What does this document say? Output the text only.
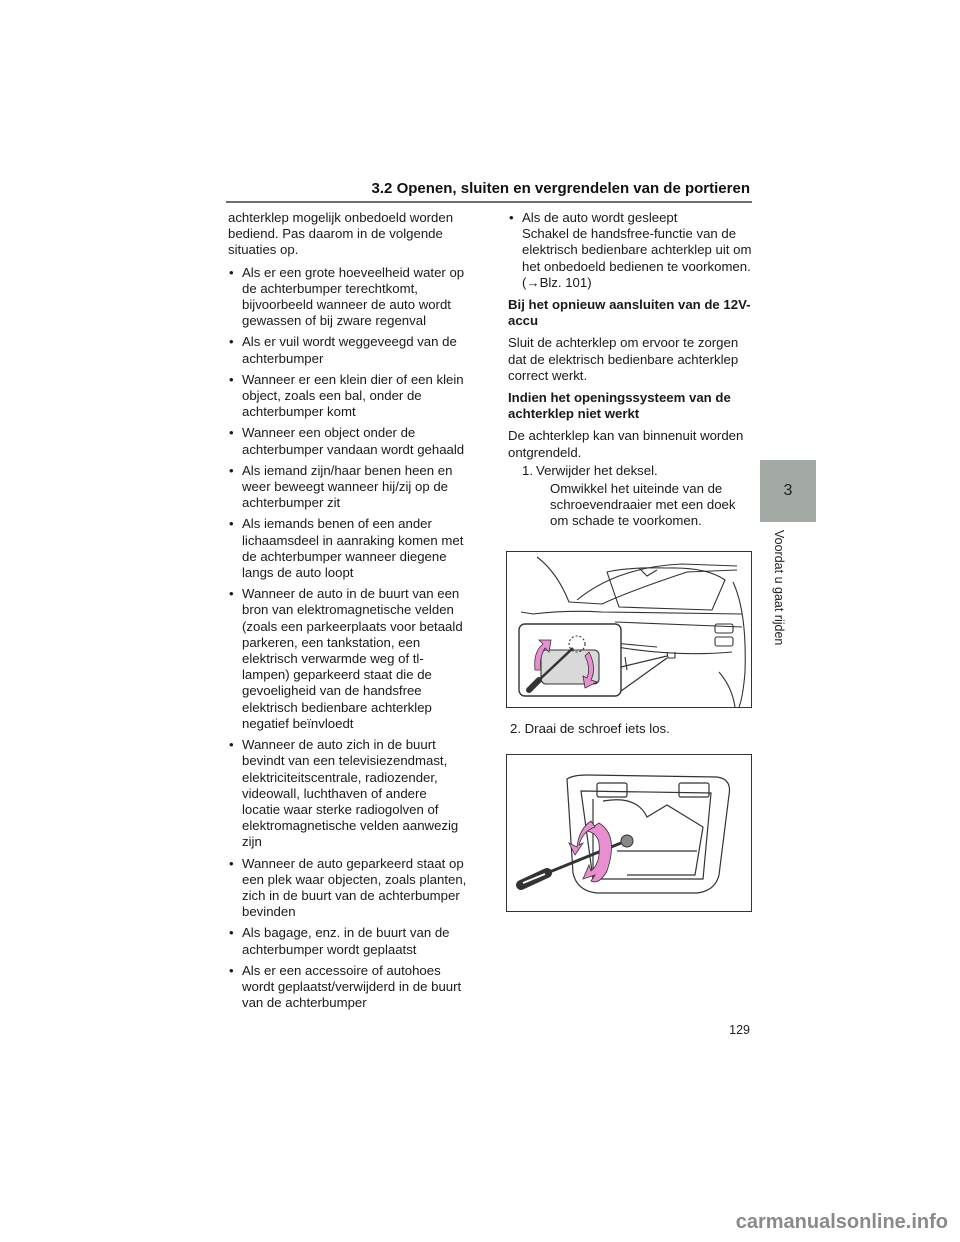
3.2 Openen, sluiten en vergrendelen van de portieren

achterklep mogelijk onbedoeld worden bediend. Pas daarom in de volgende situaties op.

• Als er een grote hoeveelheid water op de achterbumper terechtkomt, bijvoorbeeld wanneer de auto wordt gewassen of bij zware regenval
• Als er vuil wordt weggeveegd van de achterbumper
• Wanneer er een klein dier of een klein object, zoals een bal, onder de achterbumper komt
• Wanneer een object onder de achterbumper vandaan wordt gehaald
• Als iemand zijn/haar benen heen en weer beweegt wanneer hij/zij op de achterbumper zit
• Als iemands benen of een ander lichaamsdeel in aanraking komen met de achterbumper wanneer diegene langs de auto loopt
• Wanneer de auto in de buurt van een bron van elektromagnetische velden (zoals een parkeerplaats voor betaald parkeren, een tankstation, een elektrisch verwarmde weg of tl-lampen) geparkeerd staat die de gevoeligheid van de handsfree elektrisch bedienbare achterklep negatief beïnvloedt
• Wanneer de auto zich in de buurt bevindt van een televisiezendmast, elektriciteitscentrale, radiozender, videowall, luchthaven of andere locatie waar sterke radiogolven of elektromagnetische velden aanwezig zijn
• Wanneer de auto geparkeerd staat op een plek waar objecten, zoals planten, zich in de buurt van de achterbumper bevinden
• Als bagage, enz. in de buurt van de achterbumper wordt geplaatst
• Als er een accessoire of autohoes wordt geplaatst/verwijderd in de buurt van de achterbumper
• Als de auto wordt gesleept

Schakel de handsfree-functie van de elektrisch bedienbare achterklep uit om het onbedoeld bedienen te voorkomen. (→Blz. 101)

Bij het opnieuw aansluiten van de 12V-accu

Sluit de achterklep om ervoor te zorgen dat de elektrisch bedienbare achterklep correct werkt.

Indien het openingssysteem van de achterklep niet werkt

De achterklep kan van binnenuit worden ontgrendeld.

1. Verwijder het deksel.
Omwikkel het uiteinde van de schroevendraaier met een doek om schade te voorkomen.
2. Draai de schroef iets los.
3
Voordat u gaat rijden
129
carmanualsonline.info
